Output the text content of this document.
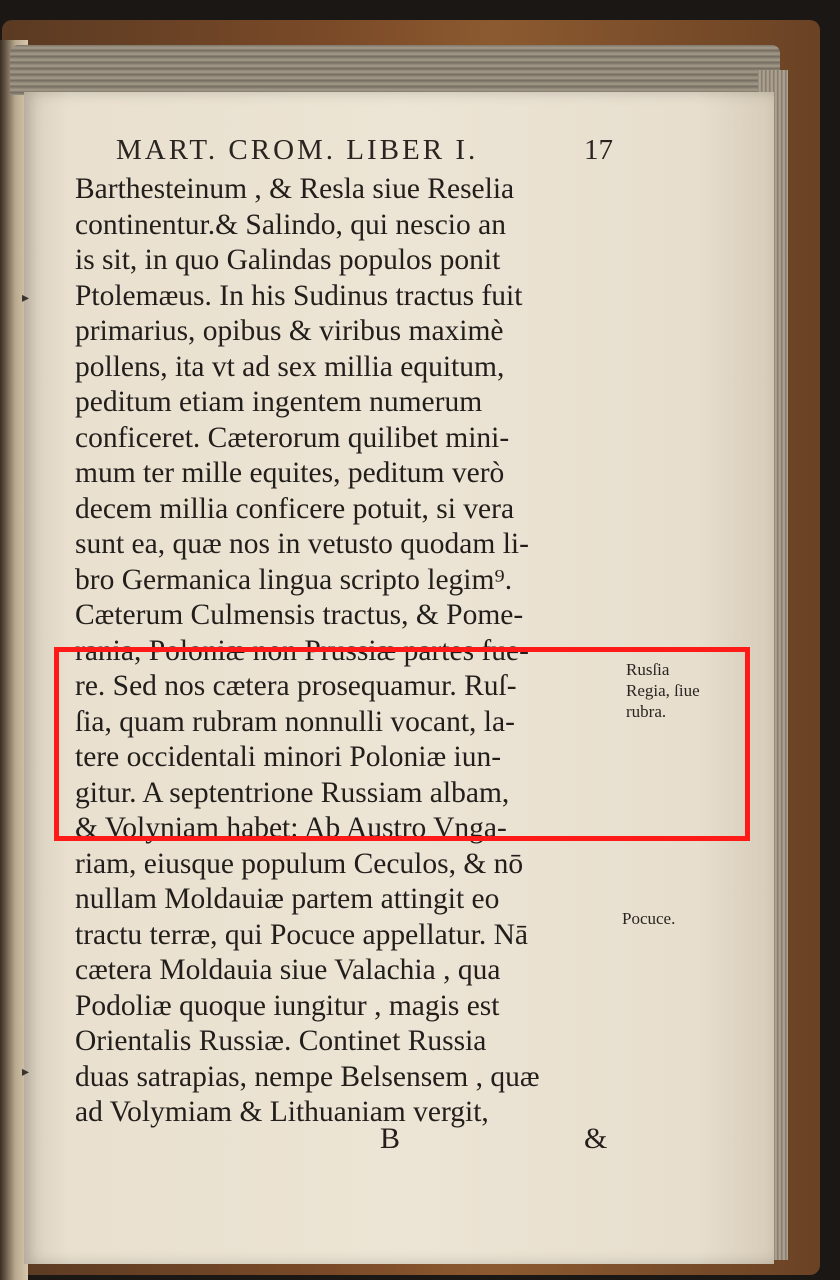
▸
▸
MART. CROM. LIBER I.	17
Barthesteinum , & Resla siue Reselia
continentur.& Salindo, qui nescio an
is sit, in quo Galindas populos ponit
Ptolemæus. In his Sudinus tractus fuit
primarius, opibus & viribus maximè
pollens, ita vt ad sex millia equitum,
peditum etiam ingentem numerum
conficeret. Cæterorum quilibet mini-
mum ter mille equites, peditum verò
decem millia conficere potuit, si vera
sunt ea, quæ nos in vetusto quodam li-
bro Germanica lingua scripto legim⁹.
Cæterum Culmensis tractus, & Pome-
rania, Poloniæ non Prussiæ partes fue-
re. Sed nos cætera prosequamur. Ruſ-
ſia, quam rubram nonnulli vocant, la-
tere occidentali minori Poloniæ iun-
gitur. A septentrione Russiam albam,
& Volyniam habet: Ab Austro Vnga-
riam, eiusque populum Ceculos, & nō
nullam Moldauiæ partem attingit eo
tractu terræ, qui Pocuce appellatur. Nā
cætera Moldauia siue Valachia , qua
Podoliæ quoque iungitur , magis est
Orientalis Russiæ. Continet Russia
duas satrapias, nempe Belsensem , quæ
ad Volymiam & Lithuaniam vergit,
Rusſia
Regia, ſiue
rubra.
Pocuce.
B	&
